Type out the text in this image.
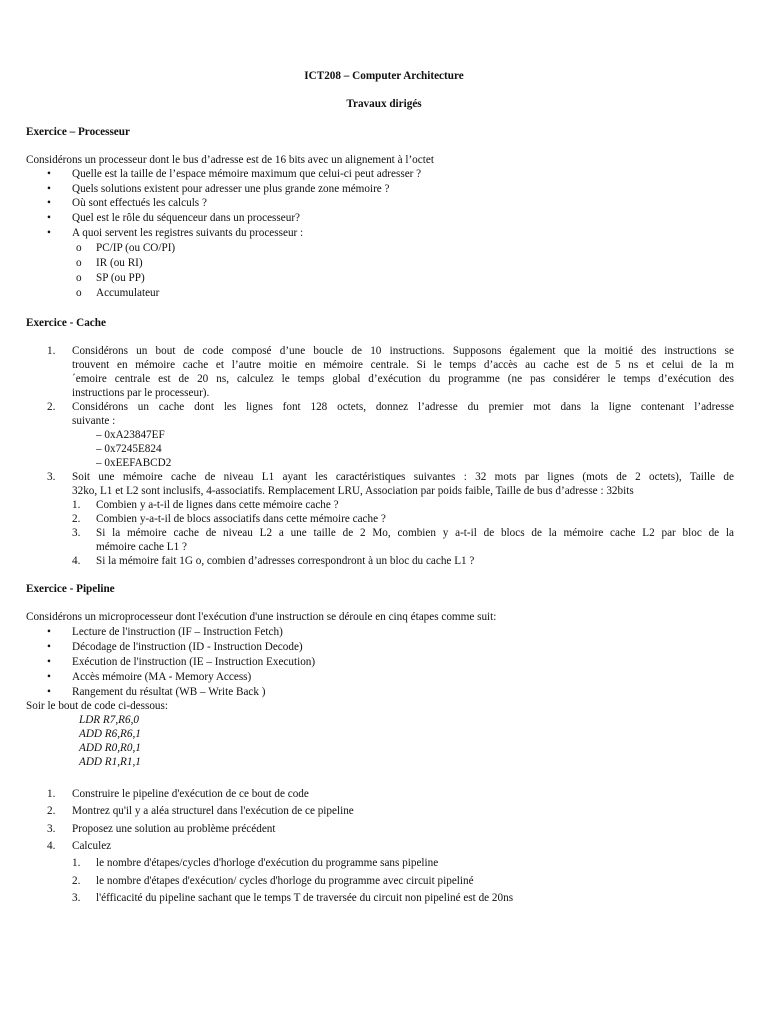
ICT208 – Computer Architecture
Travaux dirigés
Exercice – Processeur
Considérons un processeur dont le bus d’adresse est de 16 bits avec un alignement à l’octet
• Quelle est la taille de l’espace mémoire maximum que celui-ci peut adresser ?
• Quels solutions existent pour adresser une plus grande zone mémoire ?
• Où sont effectués les calculs ?
• Quel est le rôle du séquenceur dans un processeur?
• A quoi servent les registres suivants du processeur :
o PC/IP (ou CO/PI)
o IR (ou RI)
o SP (ou PP)
o Accumulateur
Exercice - Cache
1. Considérons un bout de code composé d’une boucle de 10 instructions. Supposons également que la moitié des instructions se
trouvent en mémoire cache et l’autre moitie en mémoire centrale. Si le temps d’accès au cache est de 5 ns et celui de la m
´emoire centrale est de 20 ns, calculez le temps global d’exécution du programme (ne pas considérer le temps d’exécution des
instructions par le processeur).
2. Considérons un cache dont les lignes font 128 octets, donnez l’adresse du premier mot dans la ligne contenant l’adresse
suivante :
– 0xA23847EF
– 0x7245E824
– 0xEEFABCD2
3. Soit une mémoire cache de niveau L1 ayant les caractéristiques suivantes : 32 mots par lignes (mots de 2 octets), Taille de
32ko, L1 et L2 sont inclusifs, 4-associatifs. Remplacement LRU, Association par poids faible, Taille de bus d’adresse : 32bits
1. Combien y a-t-il de lignes dans cette mémoire cache ?
2. Combien y-a-t-il de blocs associatifs dans cette mémoire cache ?
3. Si la mémoire cache de niveau L2 a une taille de 2 Mo, combien y a-t-il de blocs de la mémoire cache L2 par bloc de la
mémoire cache L1 ?
4. Si la mémoire fait 1G o, combien d’adresses correspondront à un bloc du cache L1 ?
Exercice - Pipeline
Considérons un microprocesseur dont l'exécution d'une instruction se déroule en cinq étapes comme suit:
• Lecture de l'instruction (IF – Instruction Fetch)
• Décodage de l'instruction (ID - Instruction Decode)
• Exécution de l'instruction (IE – Instruction Execution)
• Accès mémoire (MA - Memory Access)
• Rangement du résultat (WB – Write Back )
Soir le bout de code ci-dessous:
LDR R7,R6,0
ADD R6,R6,1
ADD R0,R0,1
ADD R1,R1,1
1. Construire le pipeline d'exécution de ce bout de code
2. Montrez qu'il y a aléa structurel dans l'exécution de ce pipeline
3. Proposez une solution au problème précédent
4. Calculez
1. le nombre d'étapes/cycles d'horloge d'exécution du programme sans pipeline
2. le nombre d'étapes d'exécution/ cycles d'horloge du programme avec circuit pipeliné
3. l'éfficacité du pipeline sachant que le temps T de traversée du circuit non pipeliné est de 20ns
